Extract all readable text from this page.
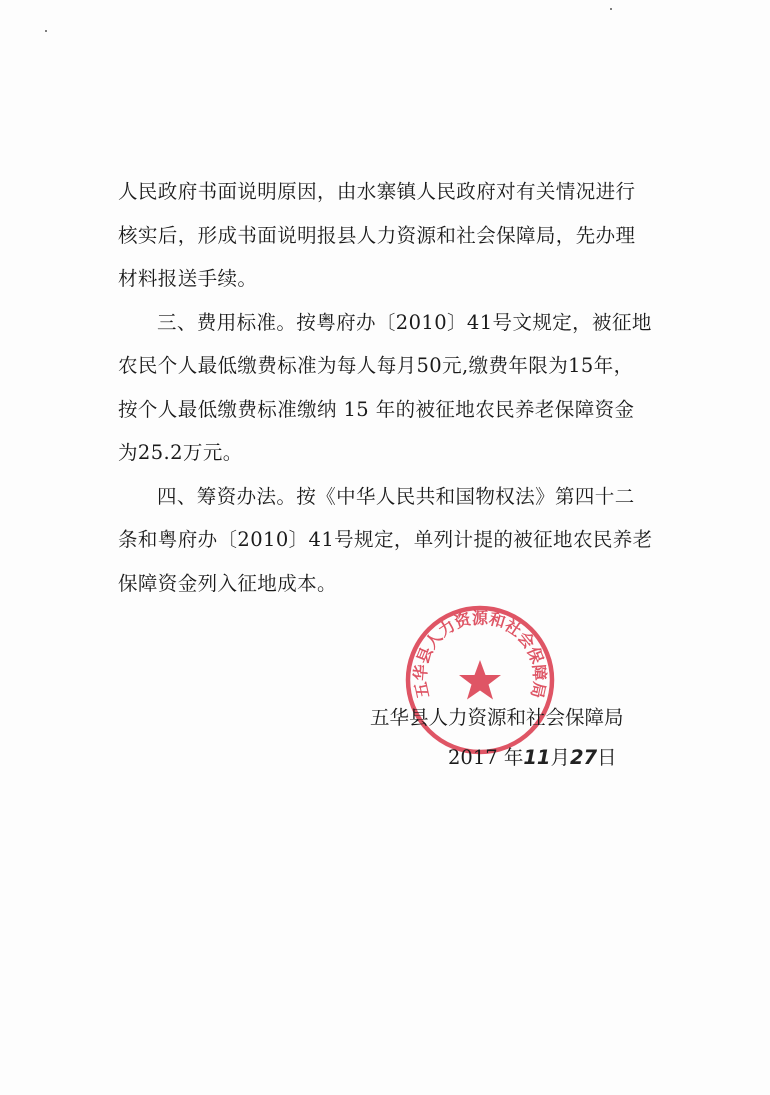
人民政府书面说明原因，由水寨镇人民政府对有关情况进行
核实后，形成书面说明报县人力资源和社会保障局，先办理
材料报送手续。

三、费用标准。按粤府办〔2010〕41号文规定，被征地
农民个人最低缴费标准为每人每月50元,缴费年限为15年，
按个人最低缴费标准缴纳 15 年的被征地农民养老保障资金
为25.2万元。

四、筹资办法。按《中华人民共和国物权法》第四十二
条和粤府办〔2010〕41号规定，单列计提的被征地农民养老
保障资金列入征地成本。

五华县人力资源和社会保障局
五华县人力资源和社会保障局
2017 年11月27日
